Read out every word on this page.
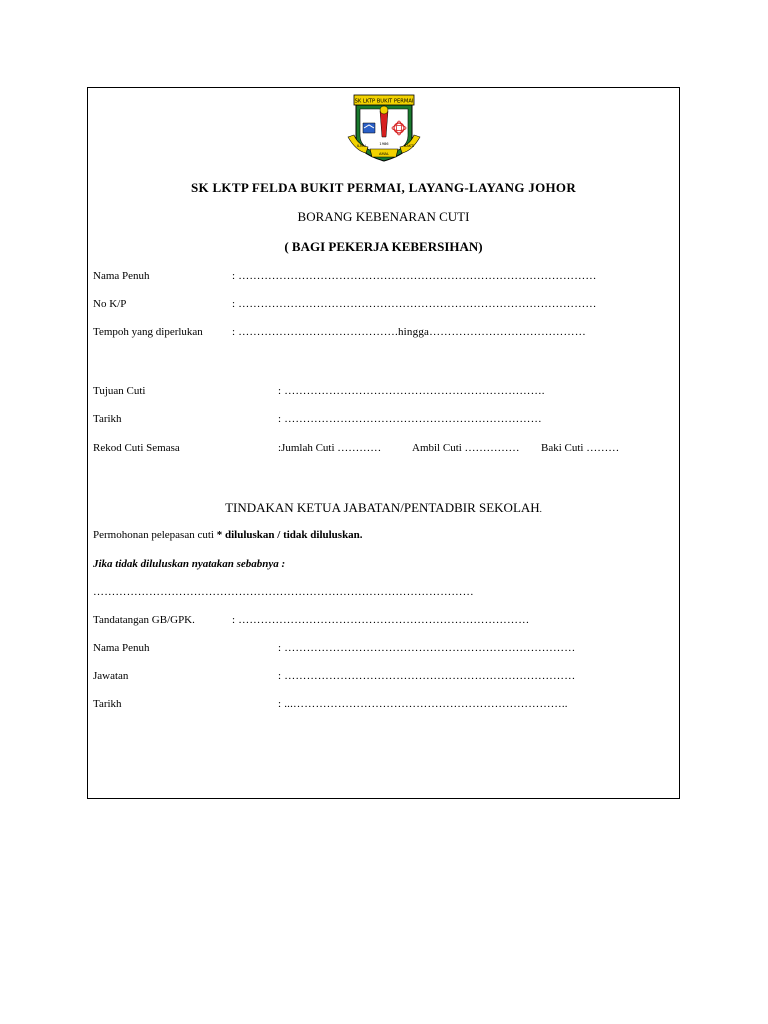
SK LKTP BUKIT PERMAI
ILMU
AMAL
BAKTI
1986
SK LKTP FELDA BUKIT PERMAI, LAYANG-LAYANG JOHOR
BORANG KEBENARAN CUTI
( BAGI PEKERJA KEBERSIHAN)
Nama Penuh	: ……………………………………………………………………………………
No K/P	: ……………………………………………………………………………………
Tempoh yang diperlukan	: …………………………………….hingga……………………………………
Tujuan Cuti	: …………………………………………………………….
Tarikh	: ……………………………………………………………
Rekod Cuti Semasa	:Jumlah Cuti …………	Ambil Cuti …………… Baki Cuti ………
TINDAKAN KETUA JABATAN/PENTADBIR SEKOLAH.
Permohonan pelepasan cuti * diluluskan / tidak diluluskan.
Jika tidak diluluskan nyatakan sebabnya :
…………………………………………………………………………………………
Tandatangan GB/GPK.	: ……………………………………………………………………
Nama Penuh	: ……………………………………………………………………
Jawatan	: ……………………………………………………………………
Tarikh	: ...………………………………………………………………..
